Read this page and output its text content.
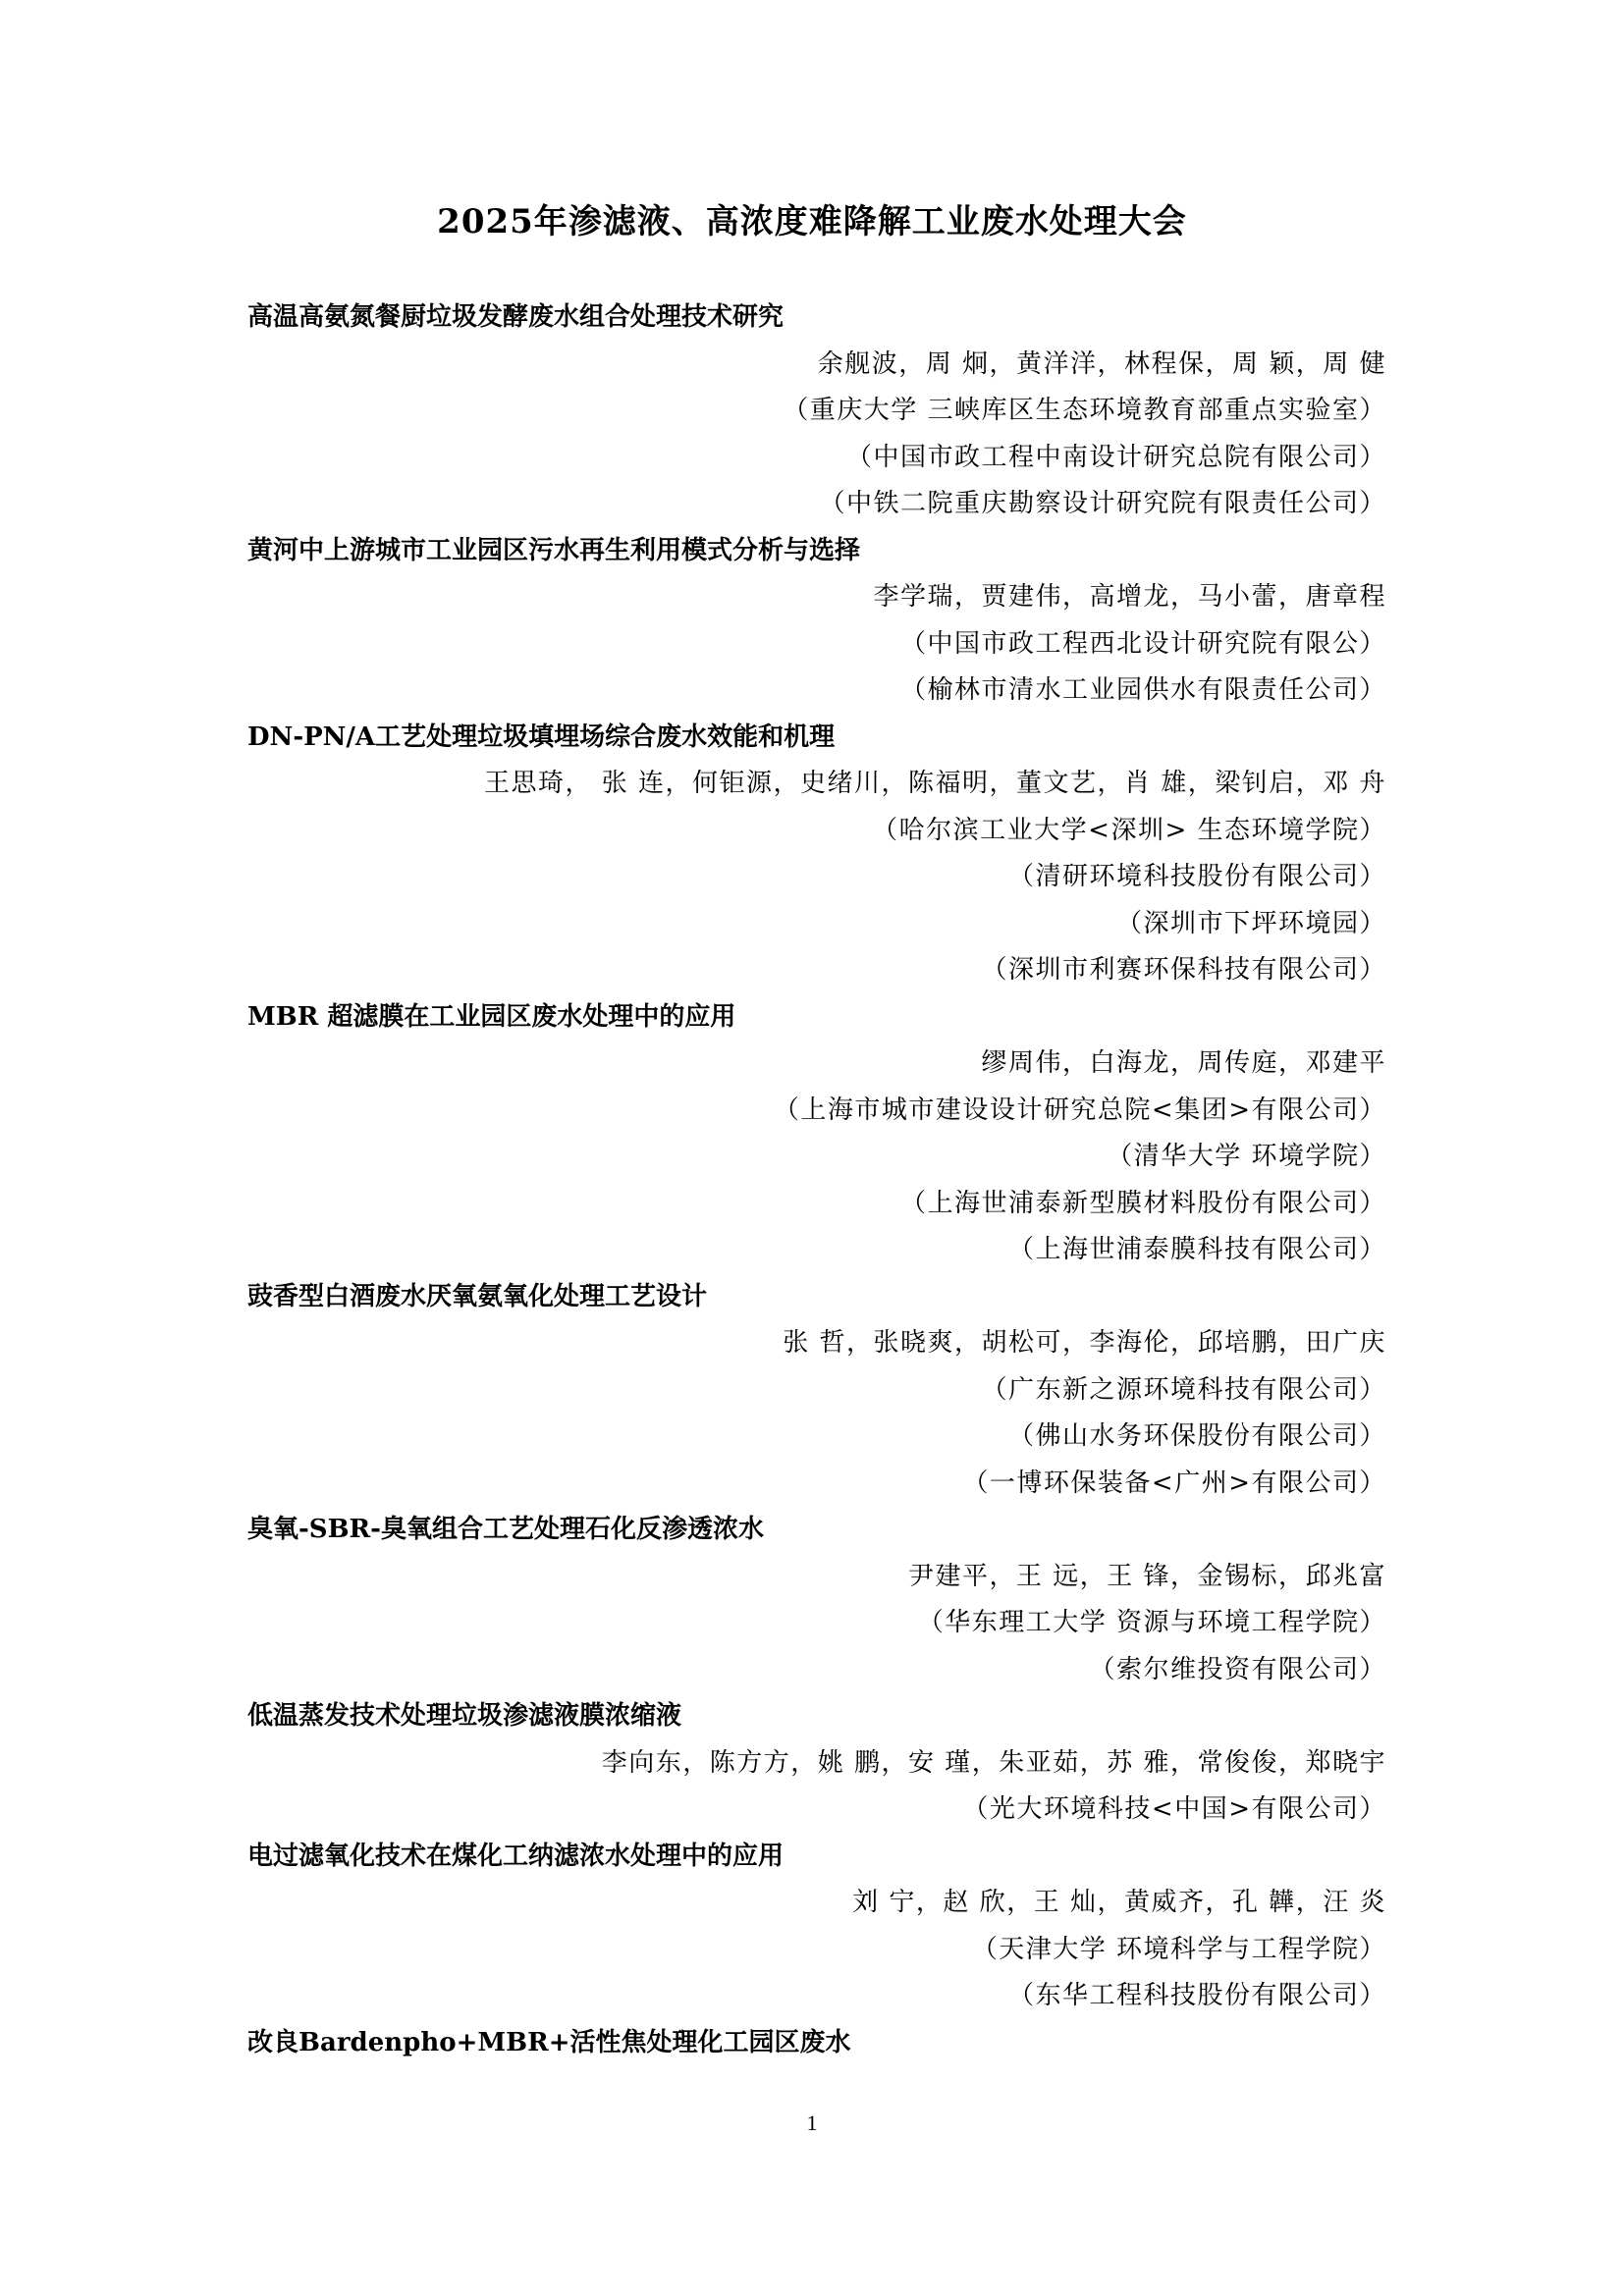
2025年渗滤液、高浓度难降解工业废水处理大会
高温高氨氮餐厨垃圾发酵废水组合处理技术研究
余舰波，周 炯，黄洋洋，林程保，周 颖，周 健
（重庆大学 三峡库区生态环境教育部重点实验室）
（中国市政工程中南设计研究总院有限公司）
（中铁二院重庆勘察设计研究院有限责任公司）
黄河中上游城市工业园区污水再生利用模式分析与选择
李学瑞，贾建伟，高增龙，马小蕾，唐章程
（中国市政工程西北设计研究院有限公）
（榆林市清水工业园供水有限责任公司）
DN-PN/A工艺处理垃圾填埋场综合废水效能和机理
王思琦， 张 连，何钜源，史绪川，陈福明，董文艺，肖 雄，梁钊启，邓 舟
（哈尔滨工业大学<深圳> 生态环境学院）
（清研环境科技股份有限公司）
（深圳市下坪环境园）
（深圳市利赛环保科技有限公司）
MBR 超滤膜在工业园区废水处理中的应用
缪周伟，白海龙，周传庭，邓建平
（上海市城市建设设计研究总院<集团>有限公司）
（清华大学 环境学院）
（上海世浦泰新型膜材料股份有限公司）
（上海世浦泰膜科技有限公司）
豉香型白酒废水厌氧氨氧化处理工艺设计
张 哲，张晓爽，胡松可，李海伦，邱培鹏，田广庆
（广东新之源环境科技有限公司）
（佛山水务环保股份有限公司）
（一博环保装备<广州>有限公司）
臭氧-SBR-臭氧组合工艺处理石化反渗透浓水
尹建平，王 远，王 锋，金锡标，邱兆富
（华东理工大学 资源与环境工程学院）
（索尔维投资有限公司）
低温蒸发技术处理垃圾渗滤液膜浓缩液
李向东，陈方方，姚 鹏，安 瑾，朱亚茹，苏 雅，常俊俊，郑晓宇
（光大环境科技<中国>有限公司）
电过滤氧化技术在煤化工纳滤浓水处理中的应用
刘 宁，赵 欣，王 灿，黄威齐，孔 韡，汪 炎
（天津大学 环境科学与工程学院）
（东华工程科技股份有限公司）
改良Bardenpho+MBR+活性焦处理化工园区废水
1
